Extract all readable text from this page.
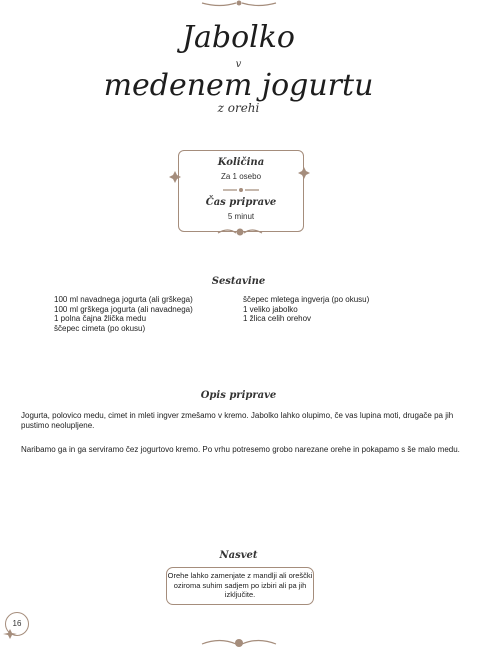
Jabolko
v
medenem jogurtu
z orehi
Količina
Za 1 osebo
Čas priprave
5 minut
Sestavine
100 ml navadnega jogurta (ali grškega)
100 ml grškega jogurta (ali navadnega)
1 polna čajna žlička medu
ščepec cimeta (po okusu)
ščepec mletega ingverja (po okusu)
1 veliko jabolko
1 žlica celih orehov
Opis priprave
Jogurta, polovico medu, cimet in mleti ingver zmešamo v kremo. Jabolko lahko olupimo, če vas lupina moti, drugače pa jih pustimo neolupljene.
Naribamo ga in ga serviramo čez jogurtovo kremo. Po vrhu potresemo grobo narezane orehe in pokapamo s še malo medu.
Nasvet
Orehe lahko zamenjate z mandlji ali oreščki oziroma suhim sadjem po izbiri ali pa jih izključite.
16
